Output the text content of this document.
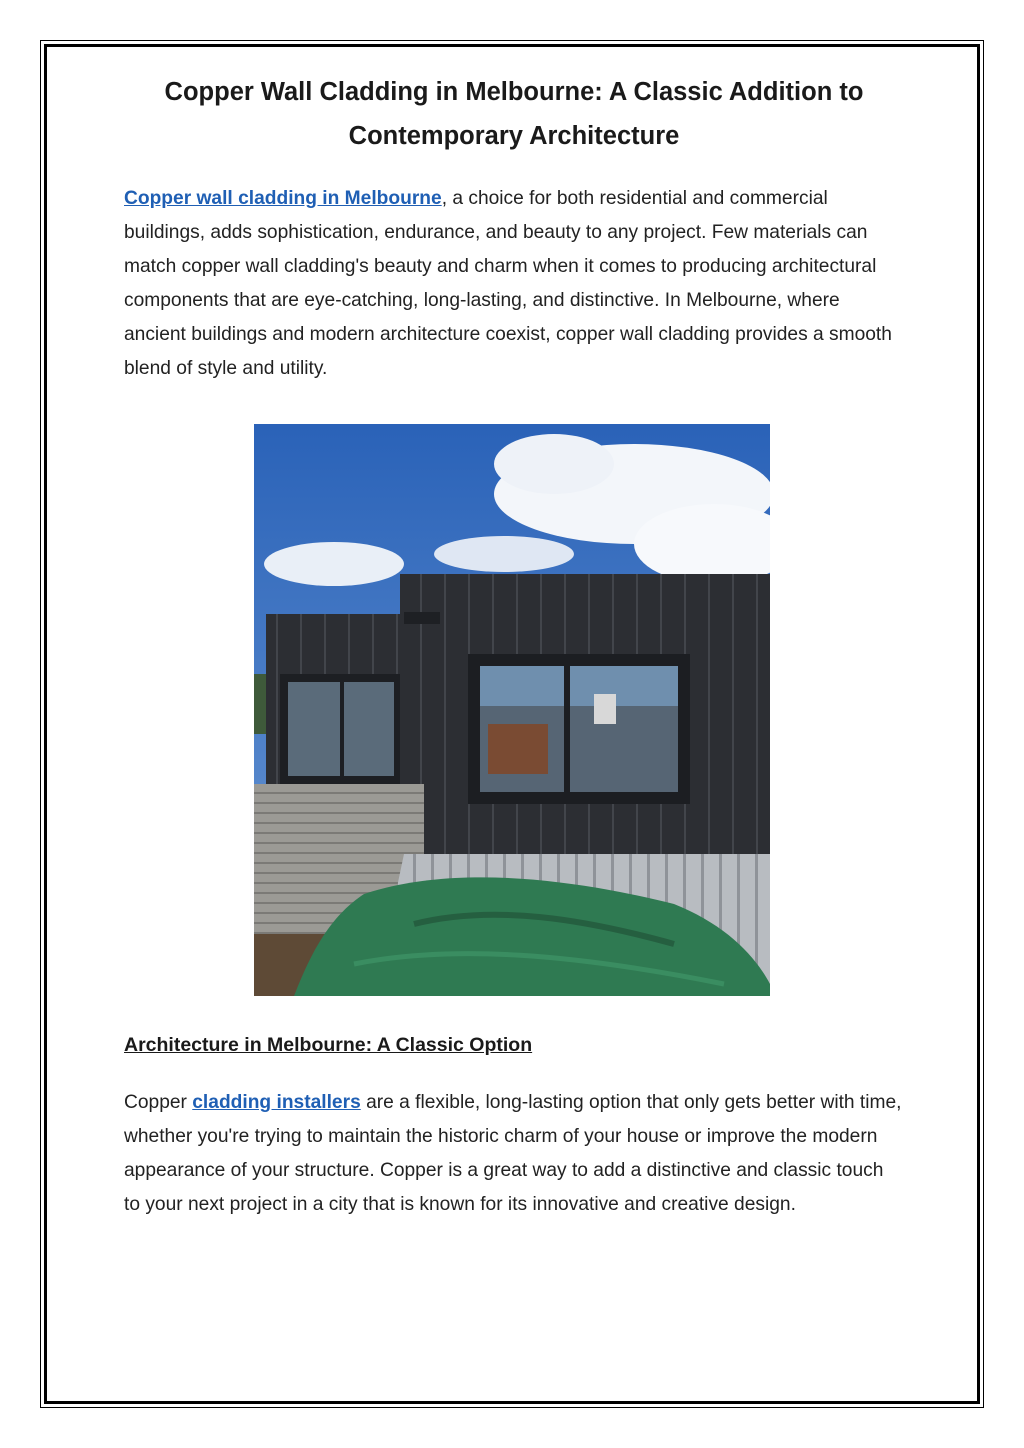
Copper Wall Cladding in Melbourne: A Classic Addition to Contemporary Architecture

Copper wall cladding in Melbourne, a choice for both residential and commercial buildings, adds sophistication, endurance, and beauty to any project. Few materials can match copper wall cladding's beauty and charm when it comes to producing architectural components that are eye-catching, long-lasting, and distinctive. In Melbourne, where ancient buildings and modern architecture coexist, copper wall cladding provides a smooth blend of style and utility.

Architecture in Melbourne: A Classic Option

Copper cladding installers are a flexible, long-lasting option that only gets better with time, whether you're trying to maintain the historic charm of your house or improve the modern appearance of your structure. Copper is a great way to add a distinctive and classic touch to your next project in a city that is known for its innovative and creative design.
